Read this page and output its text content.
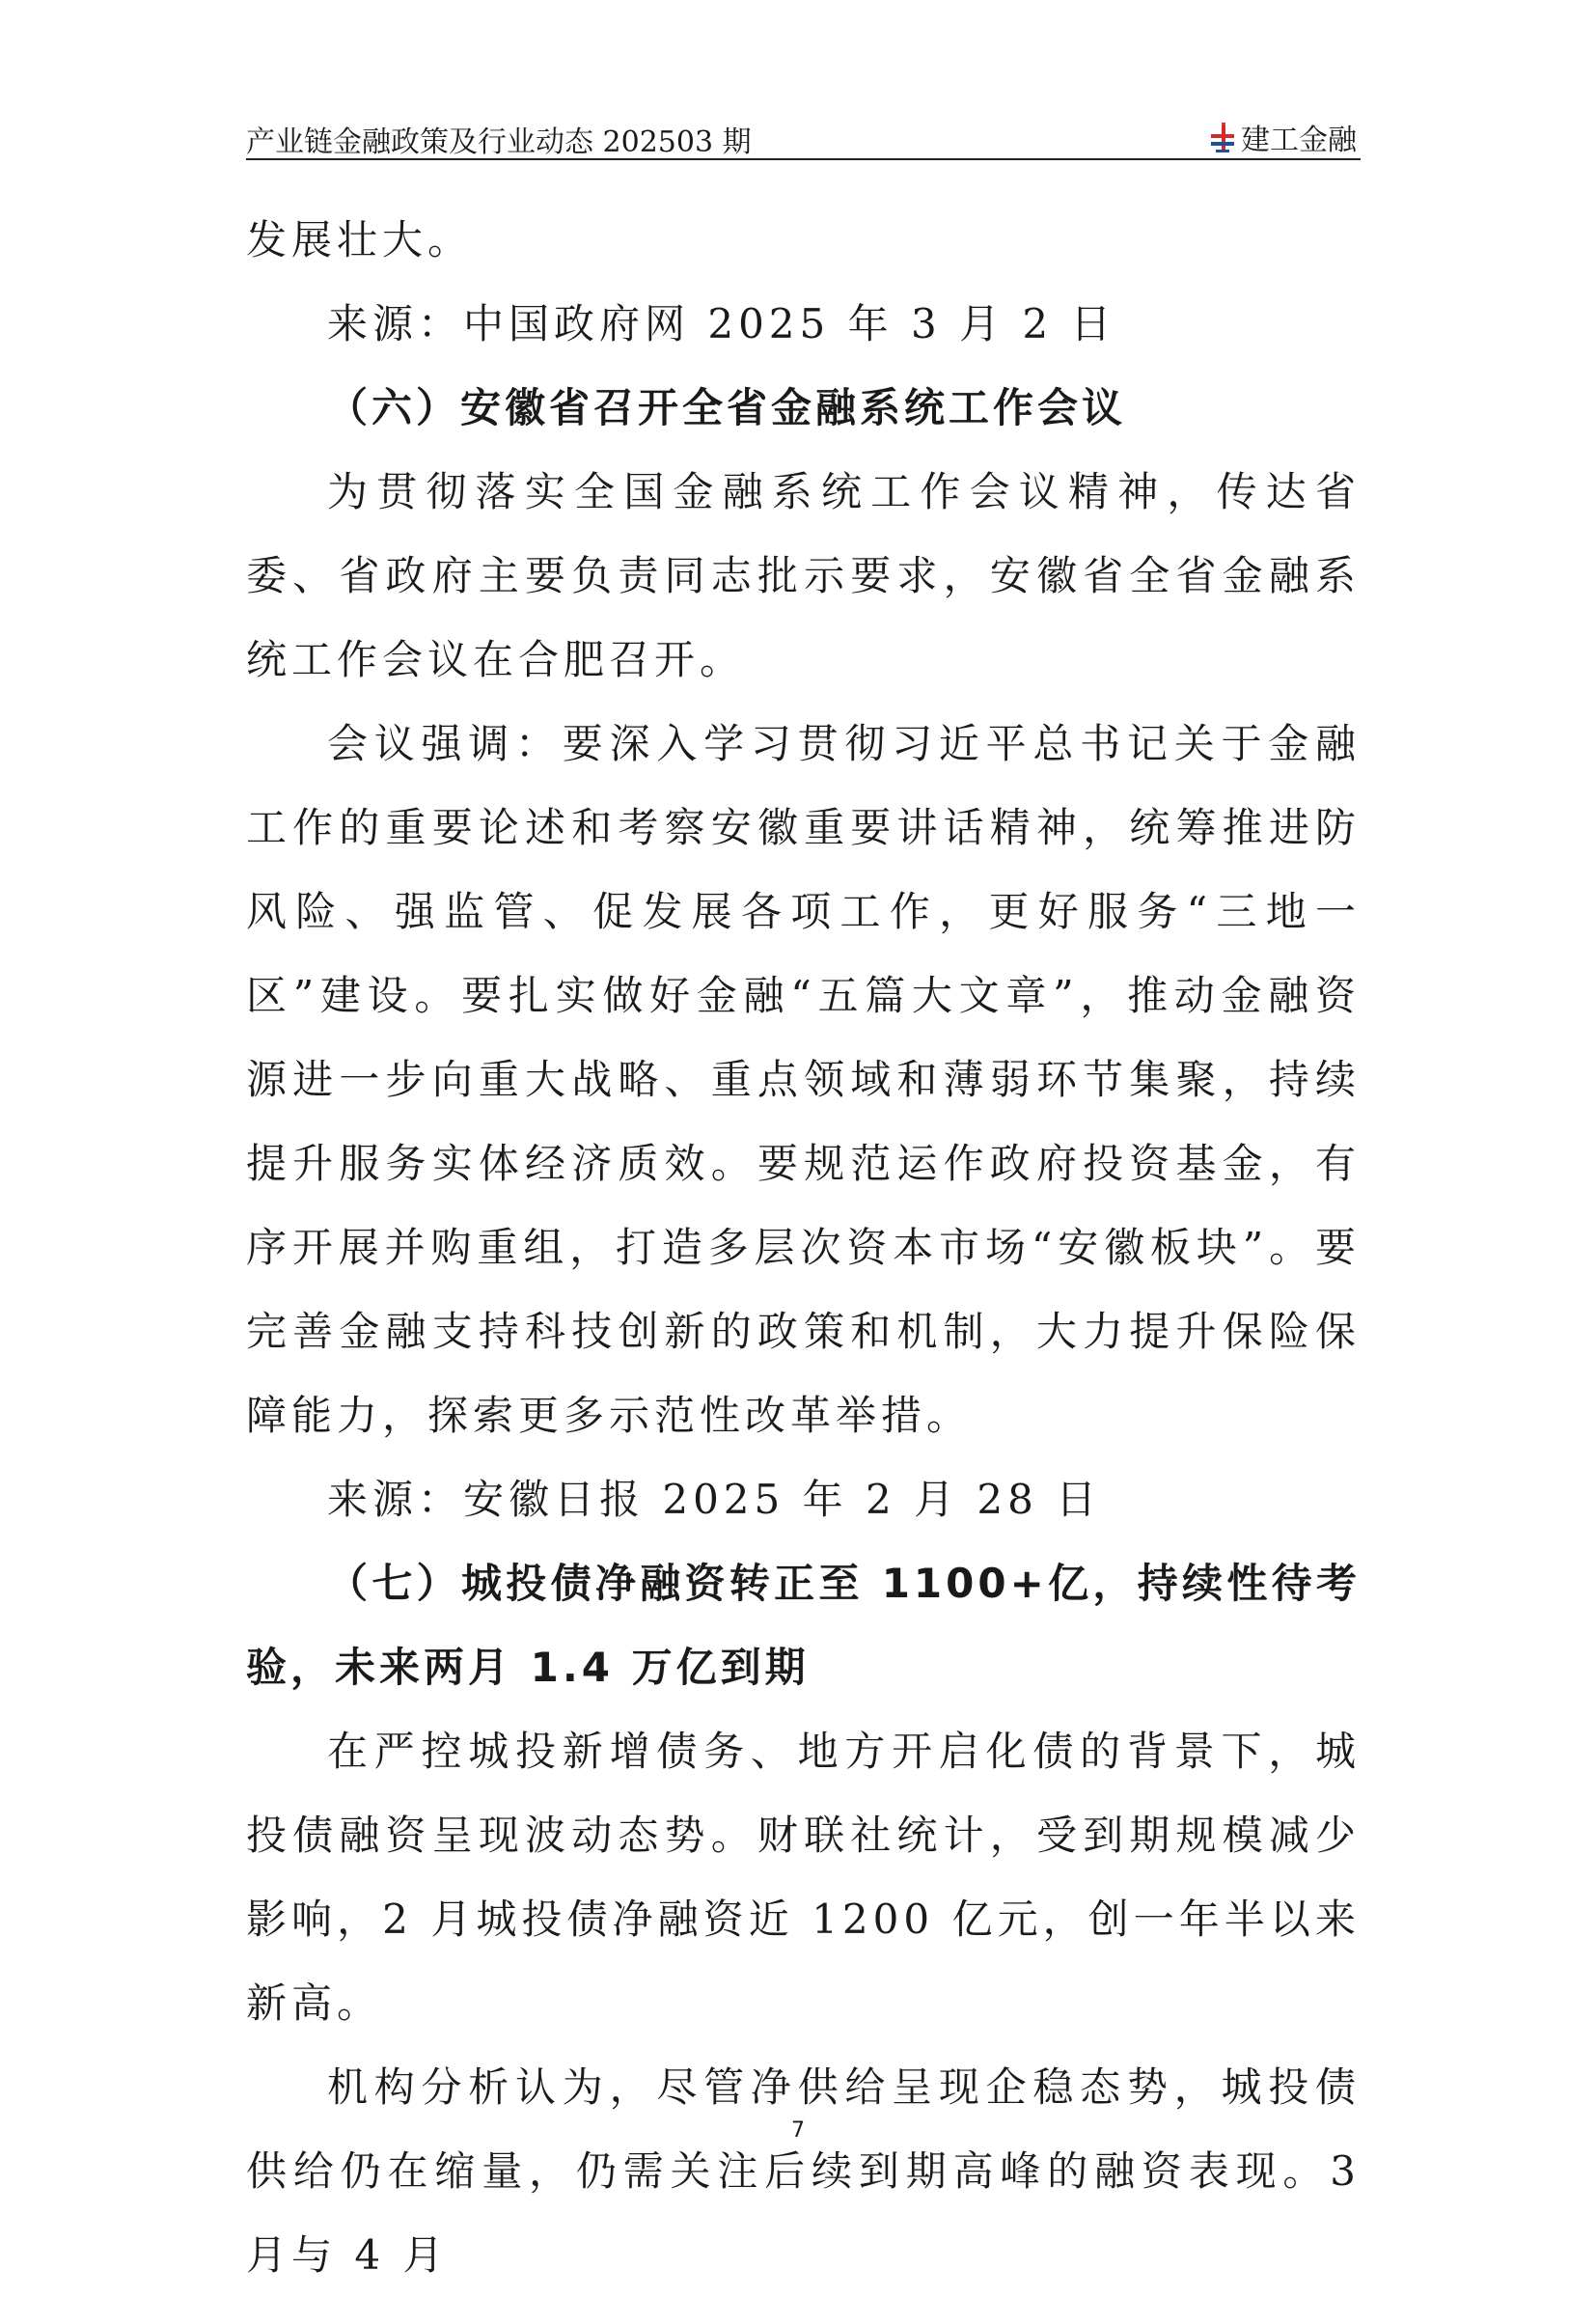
产业链金融政策及行业动态 202503 期	建工金融

发展壮大。

来源：中国政府网 2025 年 3 月 2 日

（六）安徽省召开全省金融系统工作会议

为贯彻落实全国金融系统工作会议精神，传达省委、省政府主要负责同志批示要求，安徽省全省金融系统工作会议在合肥召开。

会议强调：要深入学习贯彻习近平总书记关于金融工作的重要论述和考察安徽重要讲话精神，统筹推进防风险、强监管、促发展各项工作，更好服务“三地一区”建设。要扎实做好金融“五篇大文章”，推动金融资源进一步向重大战略、重点领域和薄弱环节集聚，持续提升服务实体经济质效。要规范运作政府投资基金，有序开展并购重组，打造多层次资本市场“安徽板块”。要完善金融支持科技创新的政策和机制，大力提升保险保障能力，探索更多示范性改革举措。

来源：安徽日报 2025 年 2 月 28 日

（七）城投债净融资转正至 1100+亿，持续性待考验，未来两月 1.4 万亿到期

在严控城投新增债务、地方开启化债的背景下，城投债融资呈现波动态势。财联社统计，受到期规模减少影响，2 月城投债净融资近 1200 亿元，创一年半以来新高。

机构分析认为，尽管净供给呈现企稳态势，城投债供给仍在缩量，仍需关注后续到期高峰的融资表现。3 月与 4 月

7
